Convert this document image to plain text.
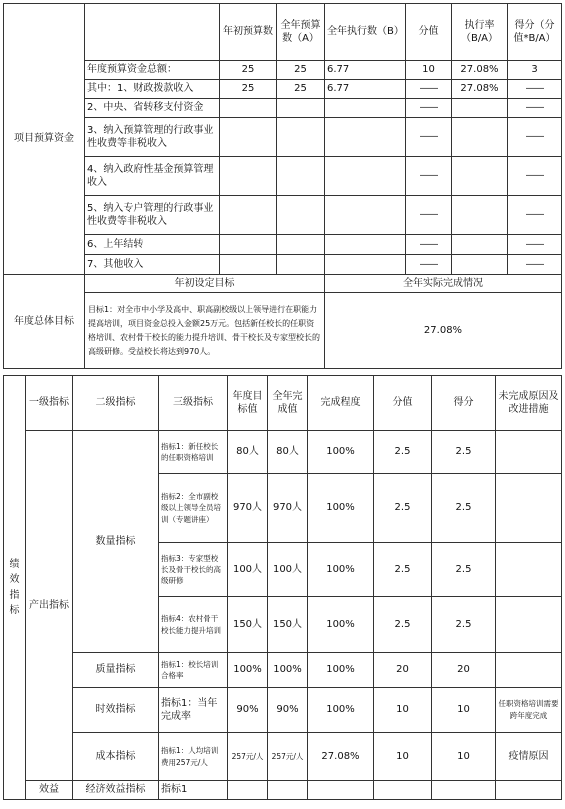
项目预算资金		年初预算数	全年预算数（A）	全年执行数（B）	分值	执行率（B/A）	得分（分值*B/A）
	年度预算资金总额：	25	25	6.77	10	27.08%	3
	其中：1、财政拨款收入	25	25	6.77	——	27.08%	——
	2、中央、省转移支付资金				——		——
	3、纳入预算管理的行政事业性收费等非税收入				——		——
	4、纳入政府性基金预算管理收入				——		——
	5、纳入专户管理的行政事业性收费等非税收入				——		——
	6、上年结转				——		——
	7、其他收入				——		——
年度总体目标	年初设定目标			全年实际完成情况			
	目标1：对全市中小学及高中、职高副校级以上领导进行在职能力提高培训，项目资金总投入金额25万元。包括新任校长的任职资格培训、农村骨干校长的能力提升培训、骨干校长及专家型校长的高级研修。受益校长将达到970人。			27.08%			
绩效指标	一级指标	二级指标	三级指标	年度目标值	全年完成值	完成程度	分值	得分	未完成原因及改进措施
	产出指标	数量指标	指标1：新任校长的任职资格培训	80人	80人	100%	2.5	2.5	
			指标2：全市副校级以上领导全员培训（专题讲座）	970人	970人	100%	2.5	2.5	
			指标3：专家型校长及骨干校长的高级研修	100人	100人	100%	2.5	2.5	
			指标4：农村骨干校长能力提升培训	150人	150人	100%	2.5	2.5	
		质量指标	指标1：校长培训合格率	100%	100%	100%	20	20	
		时效指标	指标1：当年完成率	90%	90%	100%	10	10	任职资格培训需要跨年度完成
		成本指标	指标1：人均培训费用257元/人	257元/人	257元/人	27.08%	10	10	疫情原因
	效益	经济效益指标	指标1						
